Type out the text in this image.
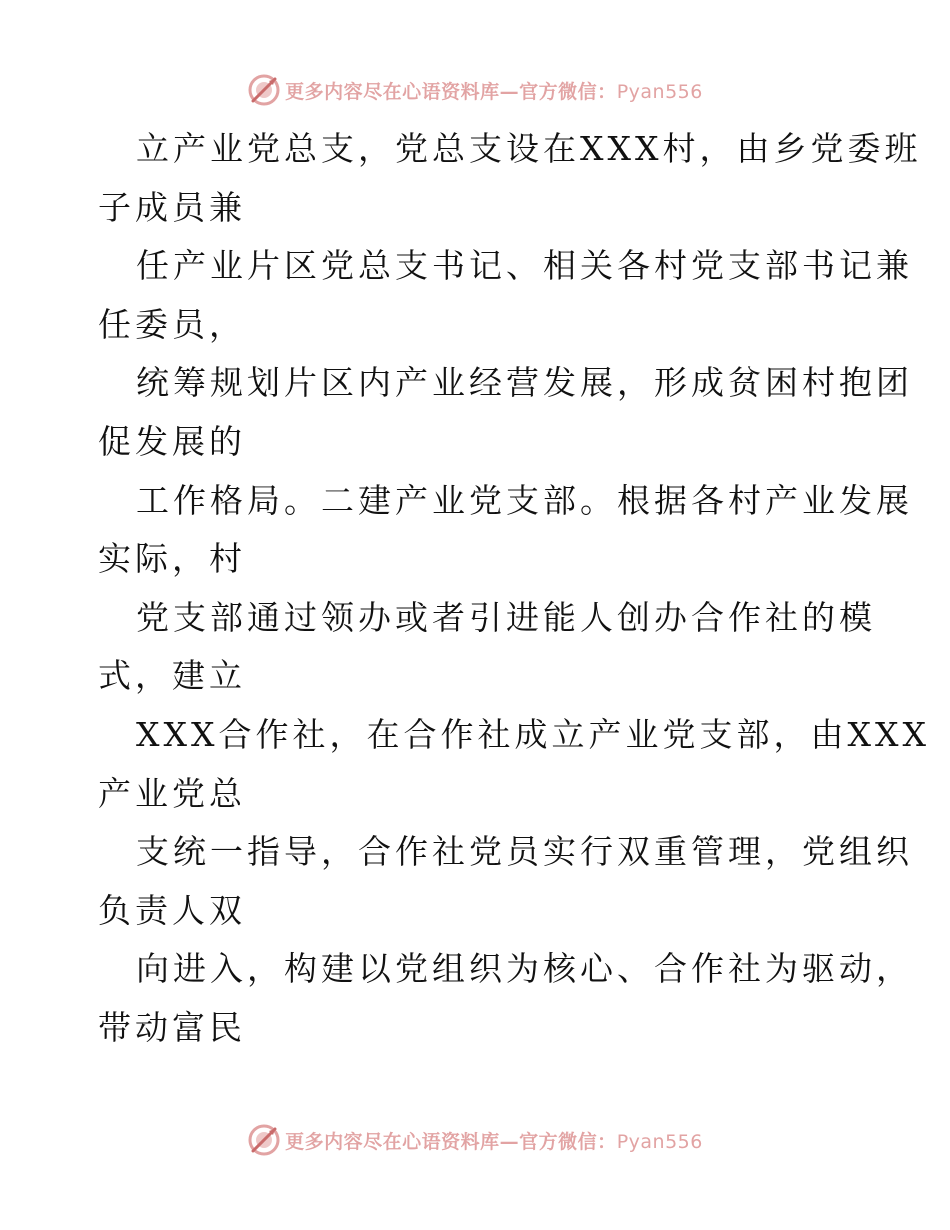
更多内容尽在心语资料库—官方微信：Pyan556

立产业党总支，党总支设在XXX村，由乡党委班
子成员兼

任产业片区党总支书记、相关各村党支部书记兼
任委员，

统筹规划片区内产业经营发展，形成贫困村抱团
促发展的

工作格局。二建产业党支部。根据各村产业发展
实际，村

党支部通过领办或者引进能人创办合作社的模
式，建立

XXX合作社，在合作社成立产业党支部，由XXX
产业党总

支统一指导，合作社党员实行双重管理，党组织
负责人双

向进入，构建以党组织为核心、合作社为驱动，
带动富民

更多内容尽在心语资料库—官方微信：Pyan556
